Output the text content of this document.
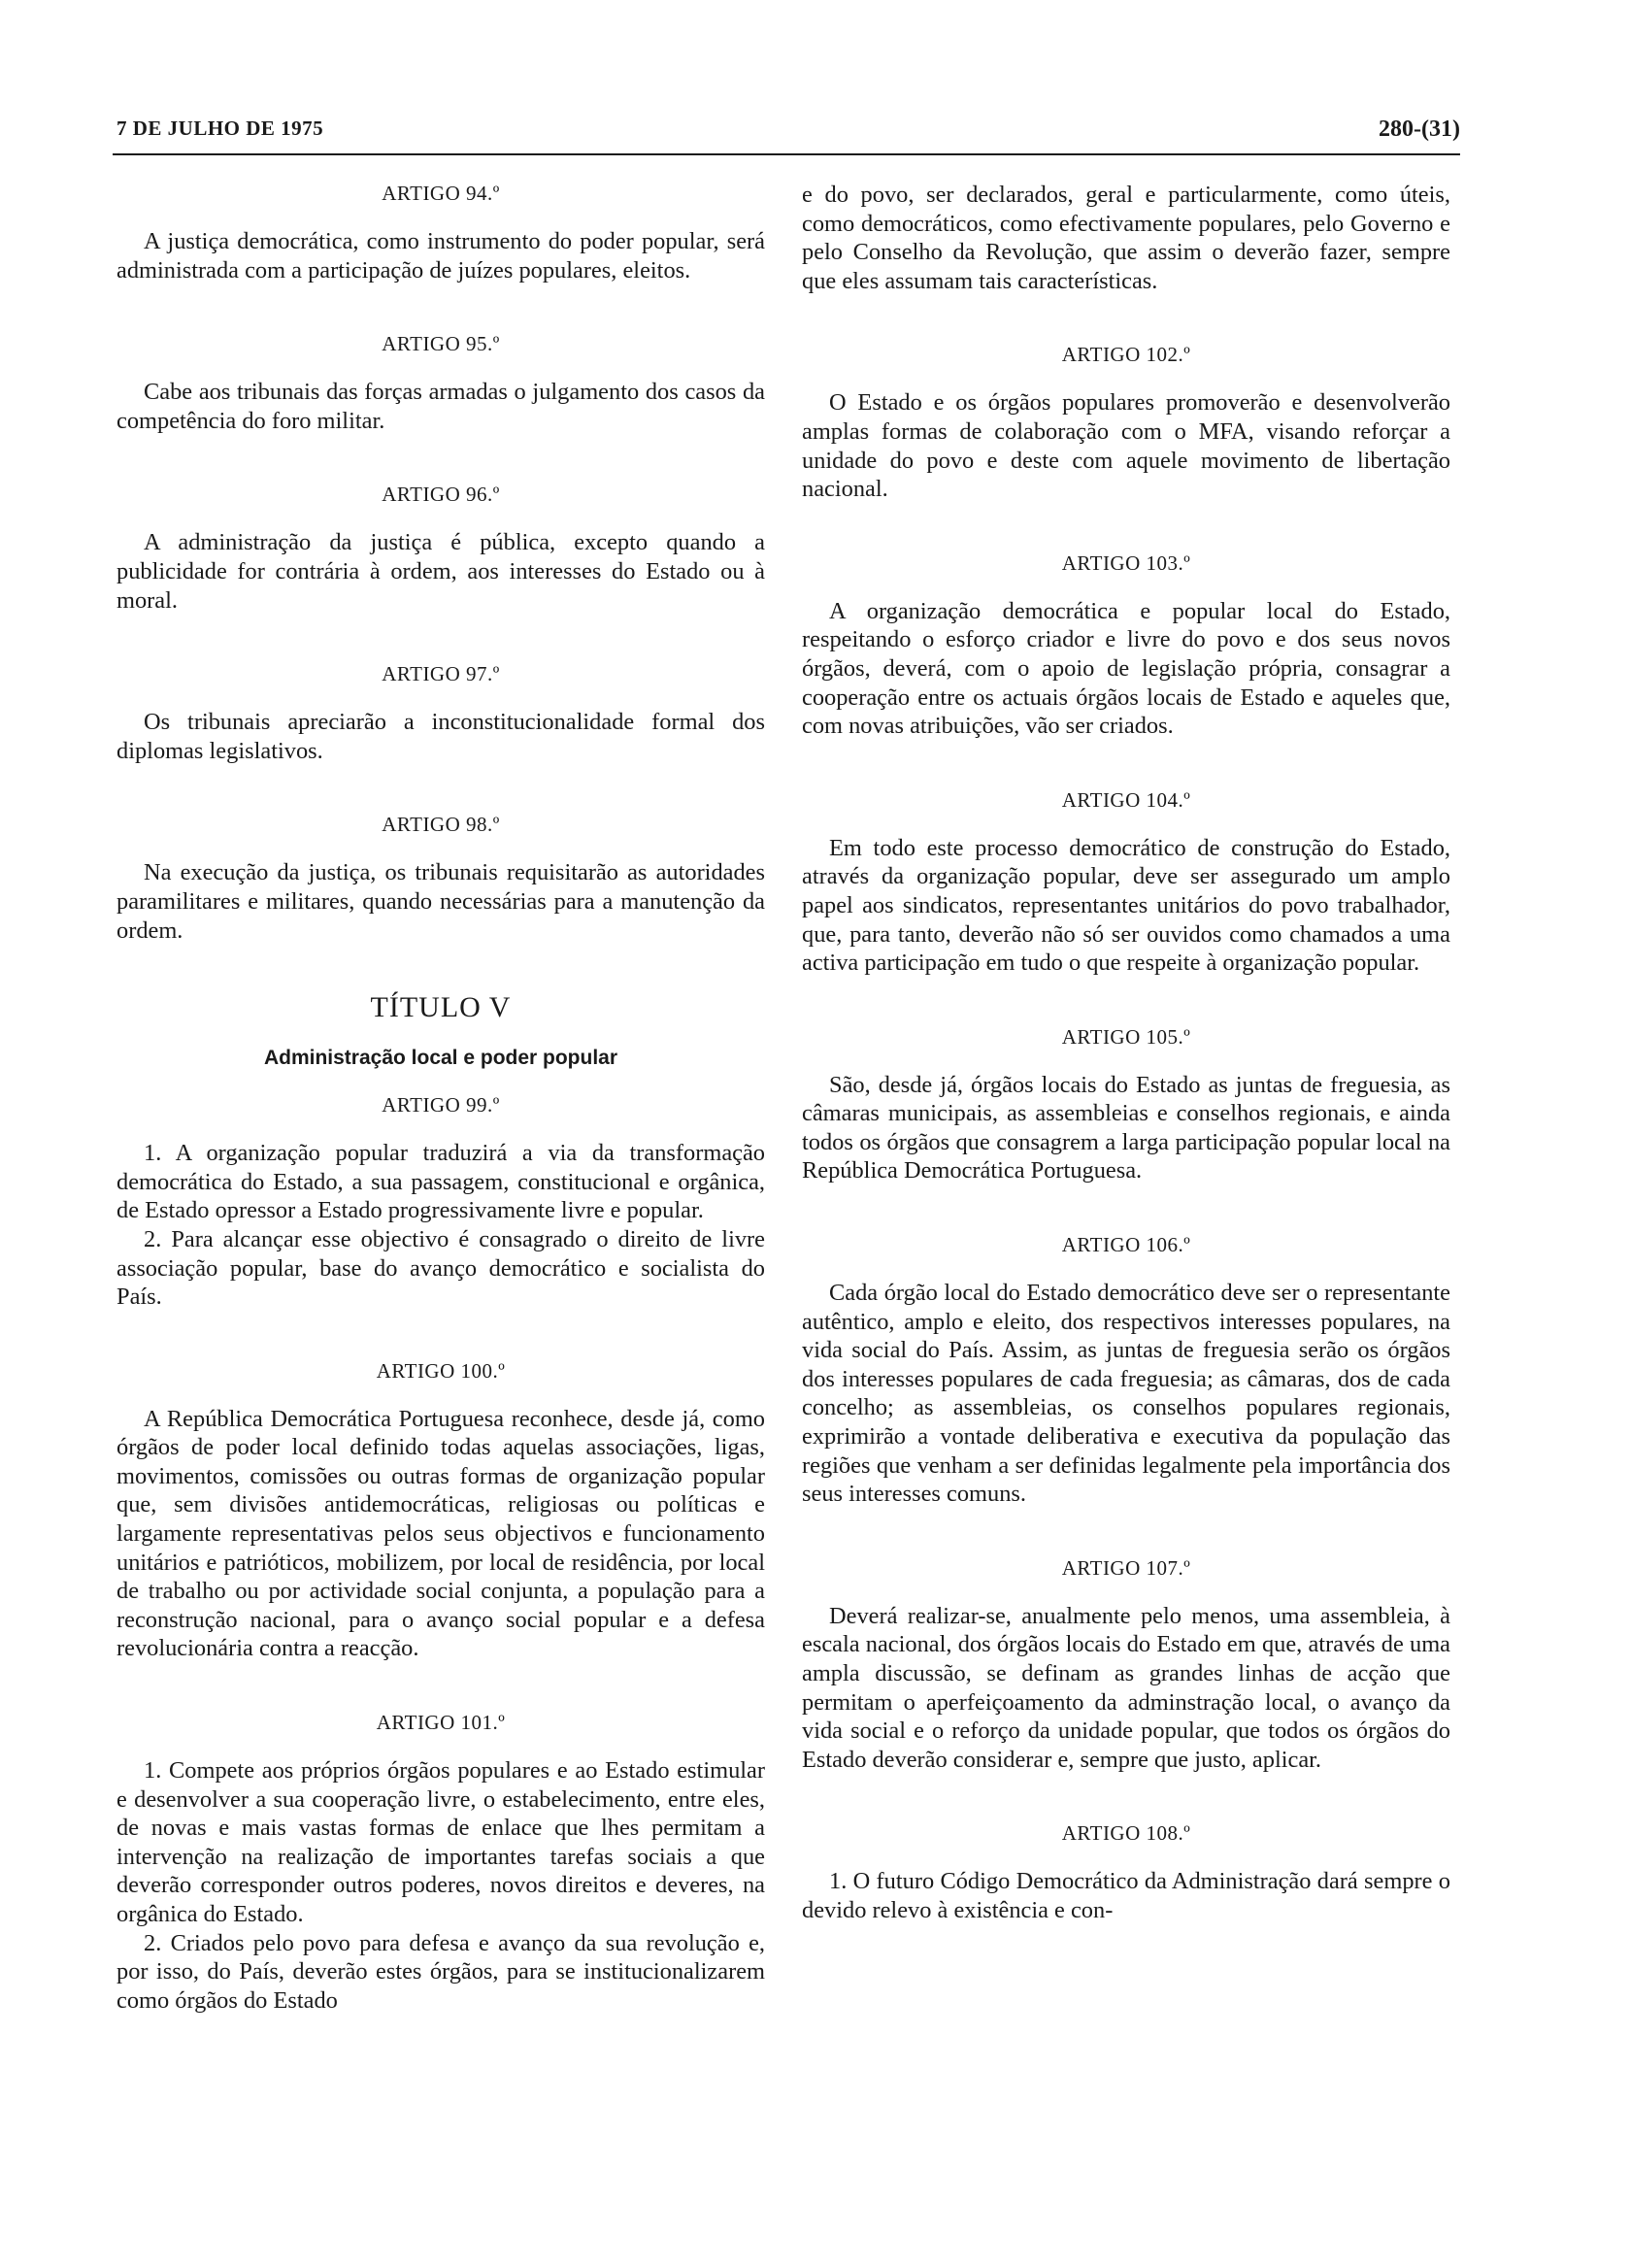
7 DE JULHO DE 1975	280-(31)
ARTIGO 94.º

A justiça democrática, como instrumento do poder popular, será administrada com a participação de juízes populares, eleitos.

ARTIGO 95.º

Cabe aos tribunais das forças armadas o julgamento dos casos da competência do foro militar.

ARTIGO 96.º

A administração da justiça é pública, excepto quando a publicidade for contrária à ordem, aos interesses do Estado ou à moral.

ARTIGO 97.º

Os tribunais apreciarão a inconstitucionalidade formal dos diplomas legislativos.

ARTIGO 98.º

Na execução da justiça, os tribunais requisitarão as autoridades paramilitares e militares, quando necessárias para a manutenção da ordem.

TÍTULO V
Administração local e poder popular
ARTIGO 99.º

1. A organização popular traduzirá a via da transformação democrática do Estado, a sua passagem, constitucional e orgânica, de Estado opressor a Estado progressivamente livre e popular.

2. Para alcançar esse objectivo é consagrado o direito de livre associação popular, base do avanço democrático e socialista do País.

ARTIGO 100.º

A República Democrática Portuguesa reconhece, desde já, como órgãos de poder local definido todas aquelas associações, ligas, movimentos, comissões ou outras formas de organização popular que, sem divisões antidemocráticas, religiosas ou políticas e largamente representativas pelos seus objectivos e funcionamento unitários e patrióticos, mobilizem, por local de residência, por local de trabalho ou por actividade social conjunta, a população para a reconstrução nacional, para o avanço social popular e a defesa revolucionária contra a reacção.

ARTIGO 101.º

1. Compete aos próprios órgãos populares e ao Estado estimular e desenvolver a sua cooperação livre, o estabelecimento, entre eles, de novas e mais vastas formas de enlace que lhes permitam a intervenção na realização de importantes tarefas sociais a que deverão corresponder outros poderes, novos direitos e deveres, na orgânica do Estado.

2. Criados pelo povo para defesa e avanço da sua revolução e, por isso, do País, deverão estes órgãos, para se institucionalizarem como órgãos do Estado

e do povo, ser declarados, geral e particularmente, como úteis, como democráticos, como efectivamente populares, pelo Governo e pelo Conselho da Revolução, que assim o deverão fazer, sempre que eles assumam tais características.

ARTIGO 102.º

O Estado e os órgãos populares promoverão e desenvolverão amplas formas de colaboração com o MFA, visando reforçar a unidade do povo e deste com aquele movimento de libertação nacional.

ARTIGO 103.º

A organização democrática e popular local do Estado, respeitando o esforço criador e livre do povo e dos seus novos órgãos, deverá, com o apoio de legislação própria, consagrar a cooperação entre os actuais órgãos locais de Estado e aqueles que, com novas atribuições, vão ser criados.

ARTIGO 104.º

Em todo este processo democrático de construção do Estado, através da organização popular, deve ser assegurado um amplo papel aos sindicatos, representantes unitários do povo trabalhador, que, para tanto, deverão não só ser ouvidos como chamados a uma activa participação em tudo o que respeite à organização popular.

ARTIGO 105.º

São, desde já, órgãos locais do Estado as juntas de freguesia, as câmaras municipais, as assembleias e conselhos regionais, e ainda todos os órgãos que consagrem a larga participação popular local na República Democrática Portuguesa.

ARTIGO 106.º

Cada órgão local do Estado democrático deve ser o representante autêntico, amplo e eleito, dos respectivos interesses populares, na vida social do País. Assim, as juntas de freguesia serão os órgãos dos interesses populares de cada freguesia; as câmaras, dos de cada concelho; as assembleias, os conselhos populares regionais, exprimirão a vontade deliberativa e executiva da população das regiões que venham a ser definidas legalmente pela importância dos seus interesses comuns.

ARTIGO 107.º

Deverá realizar-se, anualmente pelo menos, uma assembleia, à escala nacional, dos órgãos locais do Estado em que, através de uma ampla discussão, se definam as grandes linhas de acção que permitam o aperfeiçoamento da adminstração local, o avanço da vida social e o reforço da unidade popular, que todos os órgãos do Estado deverão considerar e, sempre que justo, aplicar.

ARTIGO 108.º

1. O futuro Código Democrático da Administração dará sempre o devido relevo à existência e con-
